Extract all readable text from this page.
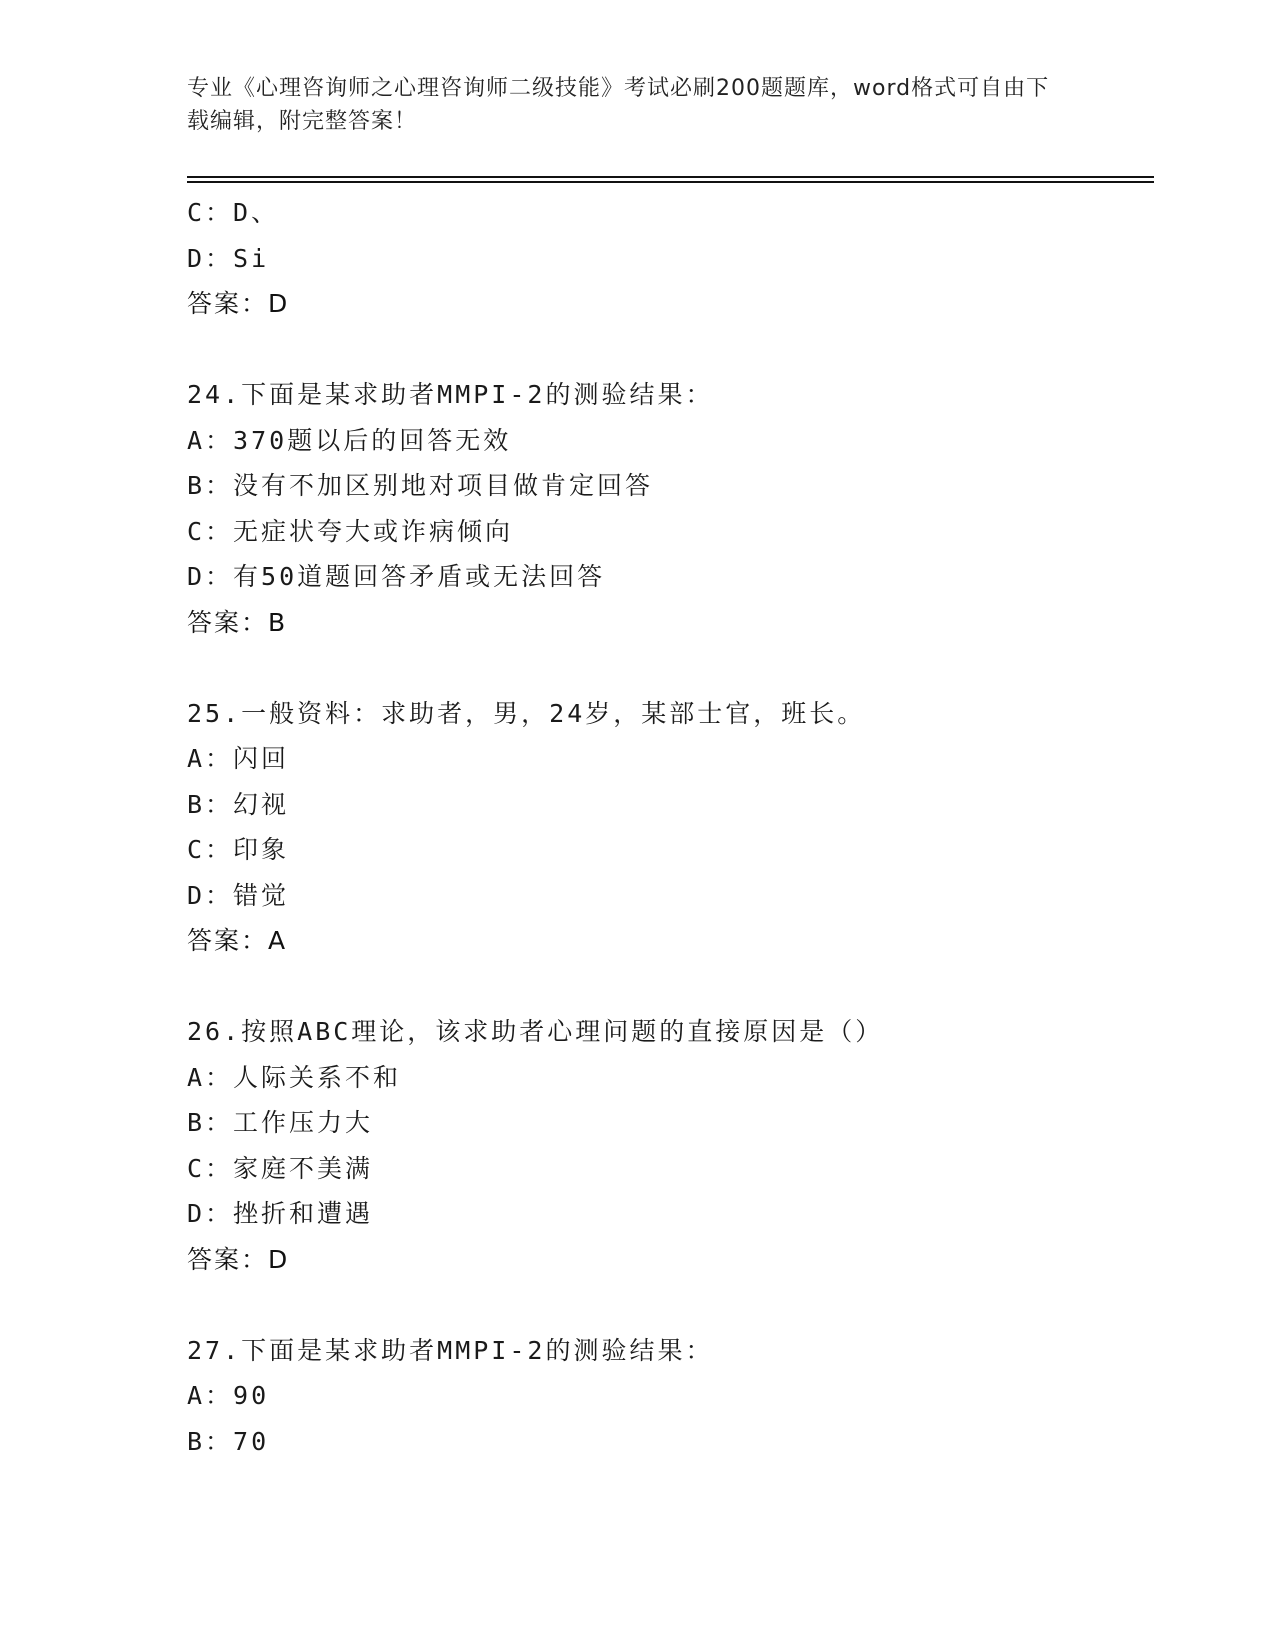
专业《心理咨询师之心理咨询师二级技能》考试必刷200题题库，word格式可自由下载编辑，附完整答案！
C：D、
D：Si
答案：D
24.下面是某求助者MMPI-2的测验结果：
A：370题以后的回答无效
B：没有不加区别地对项目做肯定回答
C：无症状夸大或诈病倾向
D：有50道题回答矛盾或无法回答
答案：B
25.一般资料：求助者，男，24岁，某部士官，班长。
A：闪回
B：幻视
C：印象
D：错觉
答案：A
26.按照ABC理论，该求助者心理问题的直接原因是（）
A：人际关系不和
B：工作压力大
C：家庭不美满
D：挫折和遭遇
答案：D
27.下面是某求助者MMPI-2的测验结果：
A：90
B：70
